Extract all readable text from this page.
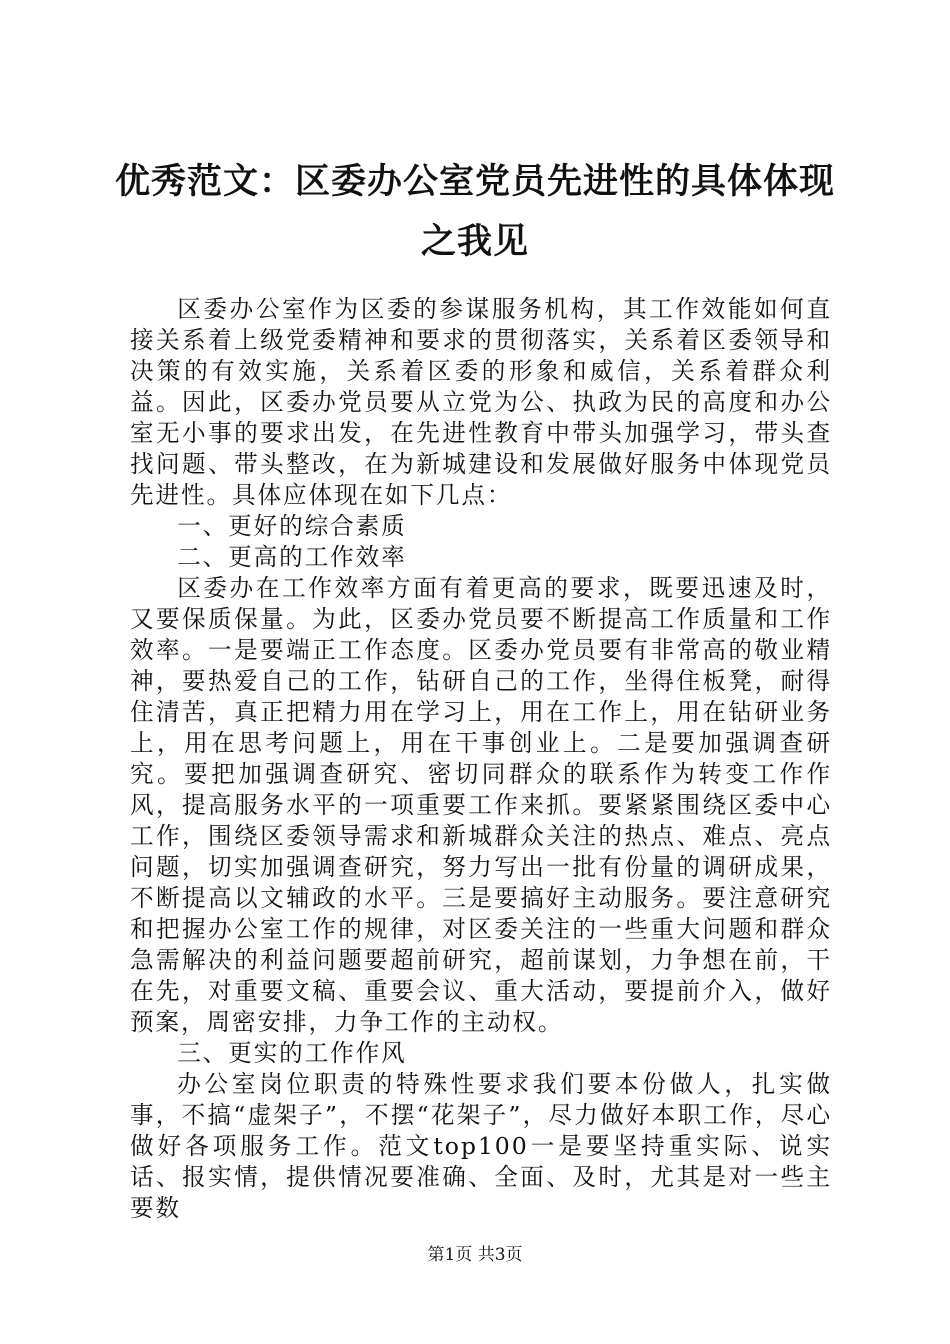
优秀范文：区委办公室党员先进性的具体体现
之我见

区委办公室作为区委的参谋服务机构，其工作效能如何直接关系着上级党委精神和要求的贯彻落实，关系着区委领导和决策的有效实施，关系着区委的形象和威信，关系着群众利益。因此，区委办党员要从立党为公、执政为民的高度和办公室无小事的要求出发，在先进性教育中带头加强学习，带头查找问题、带头整改，在为新城建设和发展做好服务中体现党员先进性。具体应体现在如下几点：

一、更好的综合素质

二、更高的工作效率

区委办在工作效率方面有着更高的要求，既要迅速及时，又要保质保量。为此，区委办党员要不断提高工作质量和工作效率。一是要端正工作态度。区委办党员要有非常高的敬业精神，要热爱自己的工作，钻研自己的工作，坐得住板凳，耐得住清苦，真正把精力用在学习上，用在工作上，用在钻研业务上，用在思考问题上，用在干事创业上。二是要加强调查研究。要把加强调查研究、密切同群众的联系作为转变工作作风，提高服务水平的一项重要工作来抓。要紧紧围绕区委中心工作，围绕区委领导需求和新城群众关注的热点、难点、亮点问题，切实加强调查研究，努力写出一批有份量的调研成果，不断提高以文辅政的水平。三是要搞好主动服务。要注意研究和把握办公室工作的规律，对区委关注的一些重大问题和群众急需解决的利益问题要超前研究，超前谋划，力争想在前，干在先，对重要文稿、重要会议、重大活动，要提前介入，做好预案，周密安排，力争工作的主动权。

三、更实的工作作风

办公室岗位职责的特殊性要求我们要本份做人，扎实做事，不搞“虚架子”，不摆“花架子”，尽力做好本职工作，尽心做好各项服务工作。范文top100一是要坚持重实际、说实话、报实情，提供情况要准确、全面、及时，尤其是对一些主要数

第1页 共3页
